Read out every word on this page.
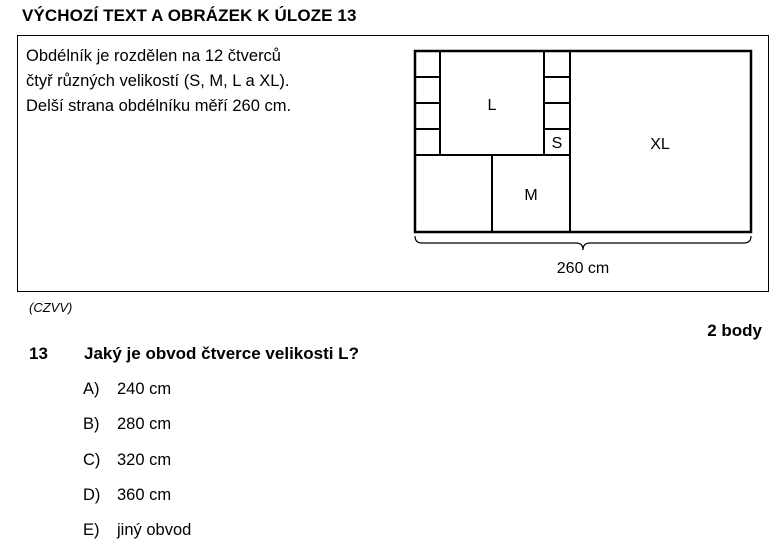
VÝCHOZÍ TEXT A OBRÁZEK K ÚLOZE 13

Obdélník je rozdělen na 12 čtverců

čtyř různých velikostí (S, M, L a XL).

Delší strana obdélníku měří 260 cm.	L
S
M
XL
260 cm
(CZVV)
2 body
13 Jaký je obvod čtverce velikosti L?
A) 240 cm
B) 280 cm
C) 320 cm
D) 360 cm
E) jiný obvod
